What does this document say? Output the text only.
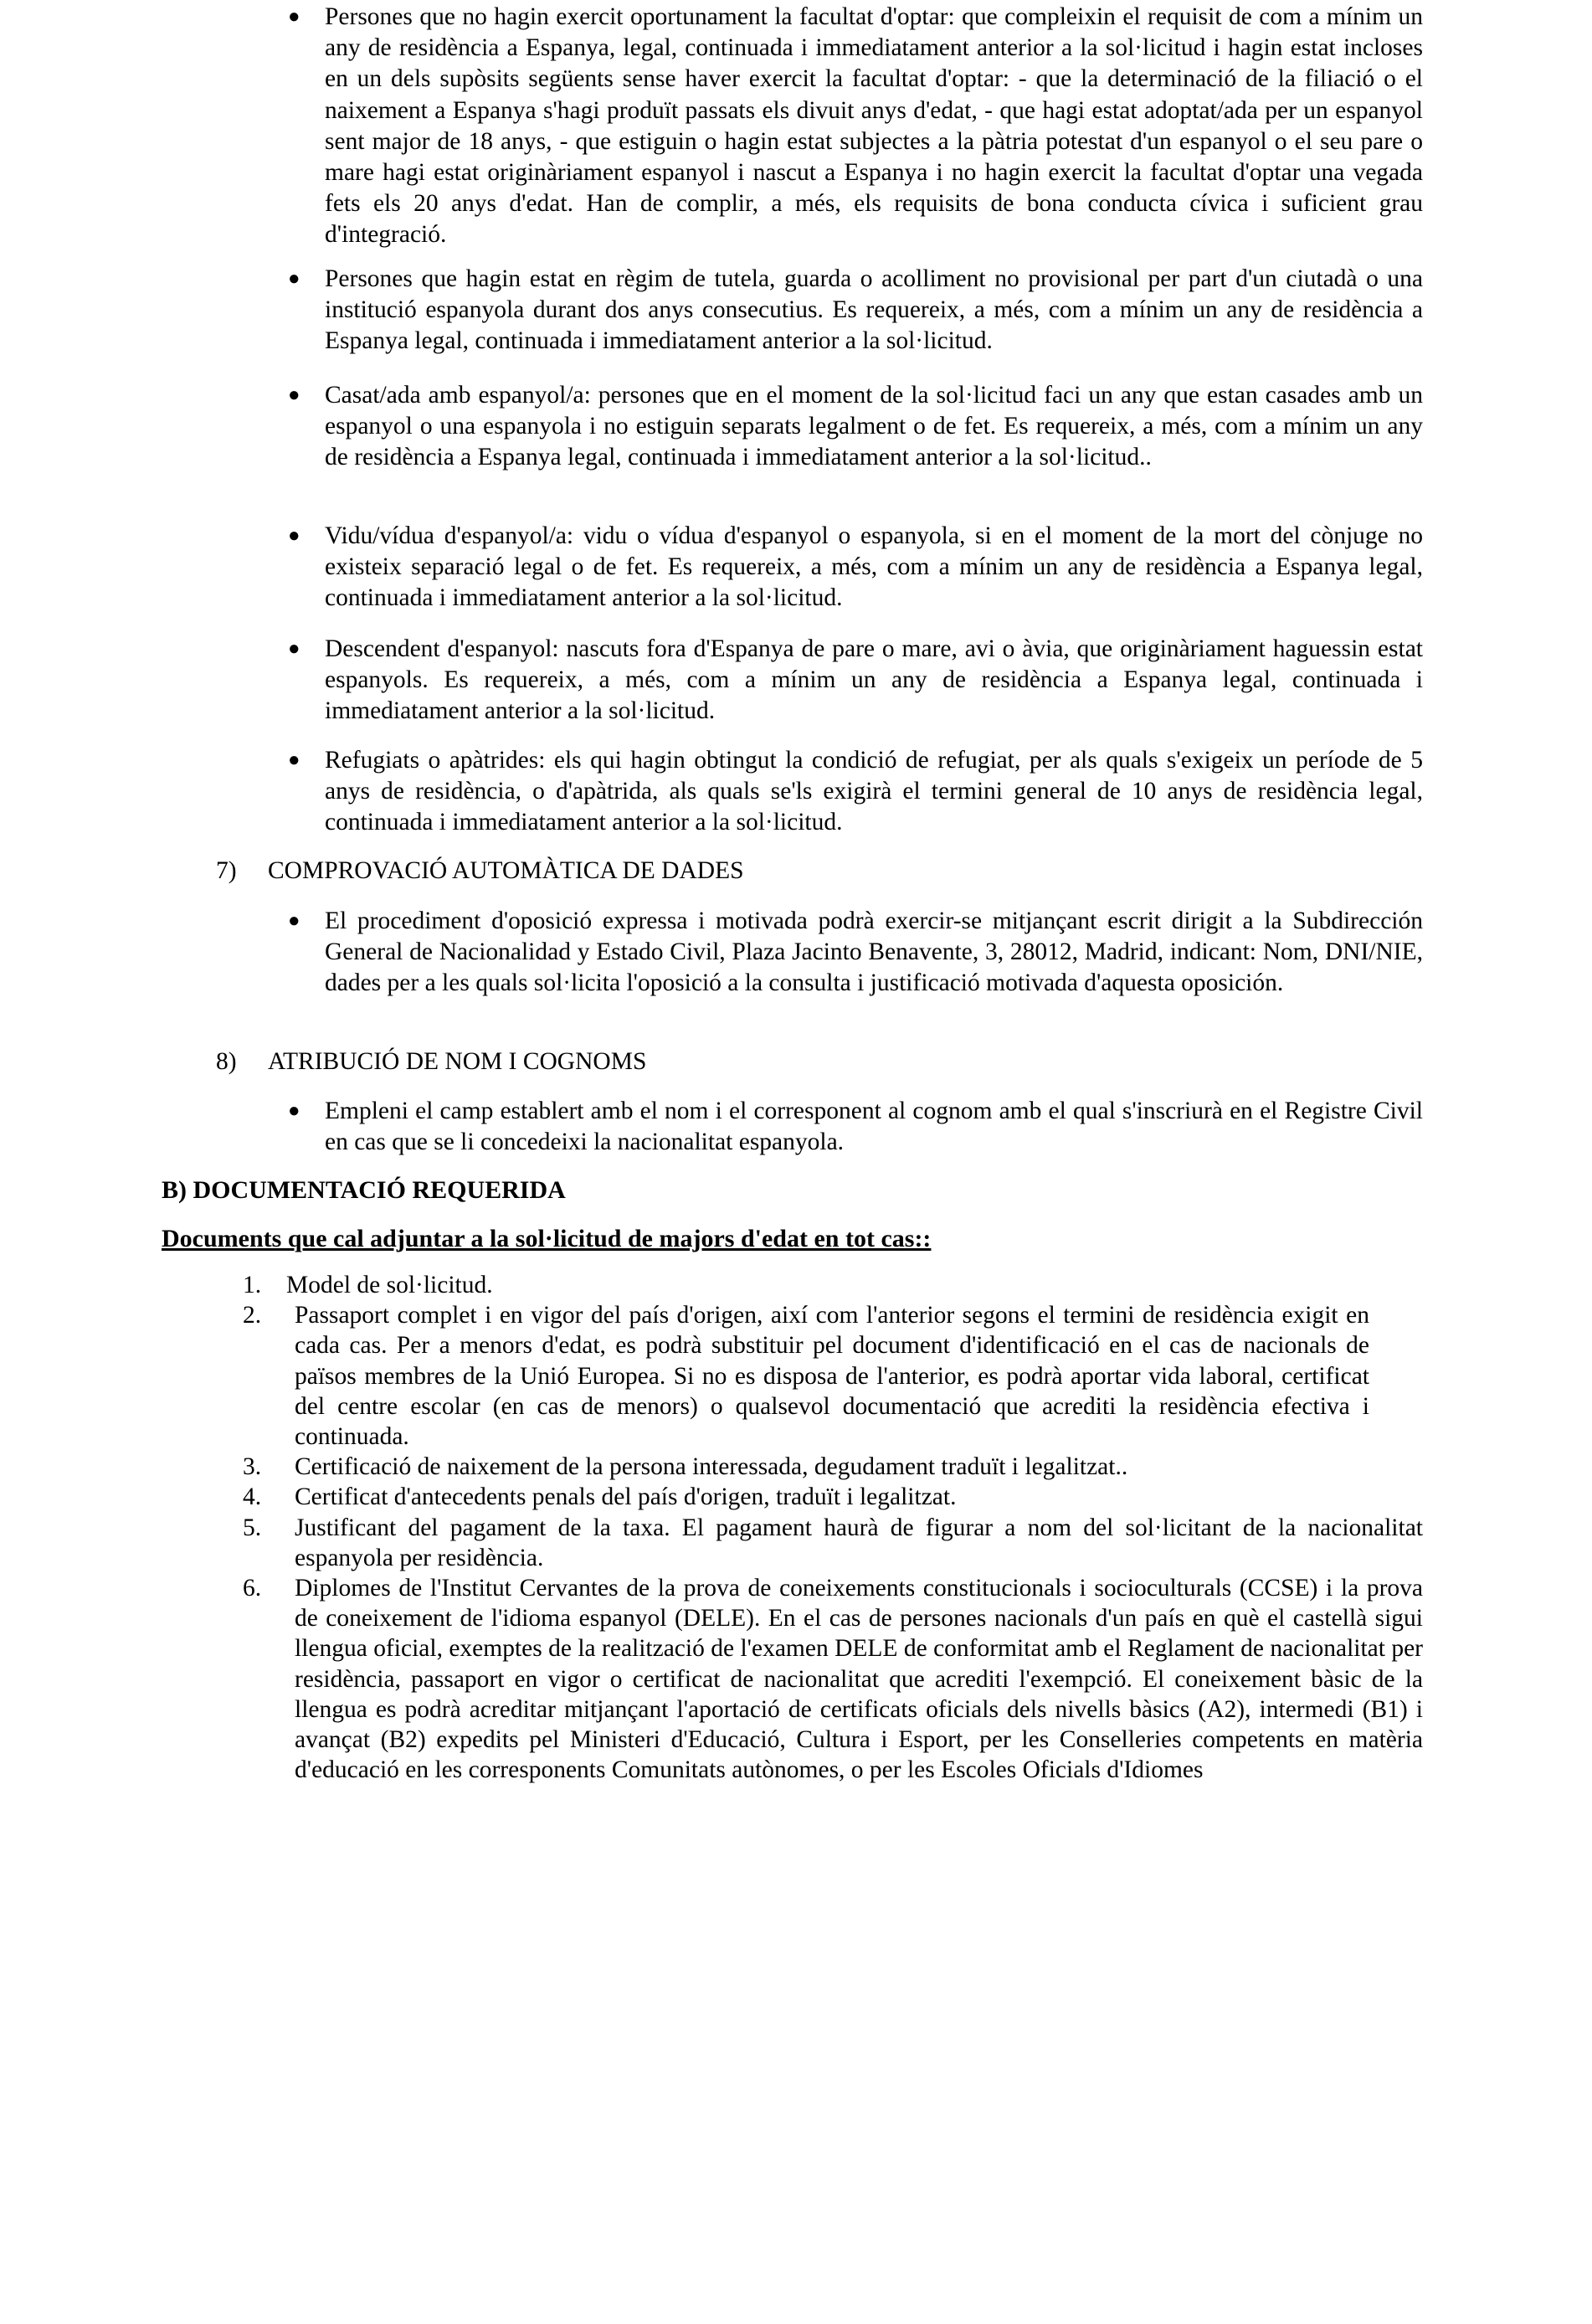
● Persones que no hagin exercit oportunament la facultat d'optar: que compleixin el requisit de com a mínim un any de residència a Espanya, legal, continuada i immediatament anterior a la sol·licitud i hagin estat incloses en un dels supòsits següents sense haver exercit la facultat d'optar: - que la determinació de la filiació o el naixement a Espanya s'hagi produït passats els divuit anys d'edat, - que hagi estat adoptat/ada per un espanyol sent major de 18 anys, - que estiguin o hagin estat subjectes a la pàtria potestat d'un espanyol o el seu pare o mare hagi estat originàriament espanyol i nascut a Espanya i no hagin exercit la facultat d'optar una vegada fets els 20 anys d'edat. Han de complir, a més, els requisits de bona conducta cívica i suficient grau d'integració.
● Persones que hagin estat en règim de tutela, guarda o acolliment no provisional per part d'un ciutadà o una institució espanyola durant dos anys consecutius. Es requereix, a més, com a mínim un any de residència a Espanya legal, continuada i immediatament anterior a la sol·licitud.
● Casat/ada amb espanyol/a: persones que en el moment de la sol·licitud faci un any que estan casades amb un espanyol o una espanyola i no estiguin separats legalment o de fet. Es requereix, a més, com a mínim un any de residència a Espanya legal, continuada i immediatament anterior a la sol·licitud..
● Vidu/vídua d'espanyol/a: vidu o vídua d'espanyol o espanyola, si en el moment de la mort del cònjuge no existeix separació legal o de fet. Es requereix, a més, com a mínim un any de residència a Espanya legal, continuada i immediatament anterior a la sol·licitud.
● Descendent d'espanyol: nascuts fora d'Espanya de pare o mare, avi o àvia, que originàriament haguessin estat espanyols. Es requereix, a més, com a mínim un any de residència a Espanya legal, continuada i immediatament anterior a la sol·licitud.
● Refugiats o apàtrides: els qui hagin obtingut la condició de refugiat, per als quals s'exigeix un període de 5 anys de residència, o d'apàtrida, als quals se'ls exigirà el termini general de 10 anys de residència legal, continuada i immediatament anterior a la sol·licitud.
7) COMPROVACIÓ AUTOMÀTICA DE DADES
● El procediment d'oposició expressa i motivada podrà exercir-se mitjançant escrit dirigit a la Subdirección General de Nacionalidad y Estado Civil, Plaza Jacinto Benavente, 3, 28012, Madrid, indicant: Nom, DNI/NIE, dades per a les quals sol·licita l'oposició a la consulta i justificació motivada d'aquesta oposición.
8) ATRIBUCIÓ DE NOM I COGNOMS
● Empleni el camp establert amb el nom i el corresponent al cognom amb el qual s'inscriurà en el Registre Civil en cas que se li concedeixi la nacionalitat espanyola.
B) DOCUMENTACIÓ REQUERIDA
Documents que cal adjuntar a la sol·licitud de majors d'edat en tot cas::
1. Model de sol·licitud.
2. Passaport complet i en vigor del país d'origen, així com l'anterior segons el termini de residència exigit en cada cas. Per a menors d'edat, es podrà substituir pel document d'identificació en el cas de nacionals de països membres de la Unió Europea. Si no es disposa de l'anterior, es podrà aportar vida laboral, certificat del centre escolar (en cas de menors) o qualsevol documentació que acrediti la residència efectiva i continuada.
3. Certificació de naixement de la persona interessada, degudament traduït i legalitzat..
4. Certificat d'antecedents penals del país d'origen, traduït i legalitzat.
5. Justificant del pagament de la taxa. El pagament haurà de figurar a nom del sol·licitant de la nacionalitat espanyola per residència.
6. Diplomes de l'Institut Cervantes de la prova de coneixements constitucionals i socioculturals (CCSE) i la prova de coneixement de l'idioma espanyol (DELE). En el cas de persones nacionals d'un país en què el castellà sigui llengua oficial, exemptes de la realització de l'examen DELE de conformitat amb el Reglament de nacionalitat per residència, passaport en vigor o certificat de nacionalitat que acrediti l'exempció. El coneixement bàsic de la llengua es podrà acreditar mitjançant l'aportació de certificats oficials dels nivells bàsics (A2), intermedi (B1) i avançat (B2) expedits pel Ministeri d'Educació, Cultura i Esport, per les Conselleries competents en matèria d'educació en les corresponents Comunitats autònomes, o per les Escoles Oficials d'Idiomes
